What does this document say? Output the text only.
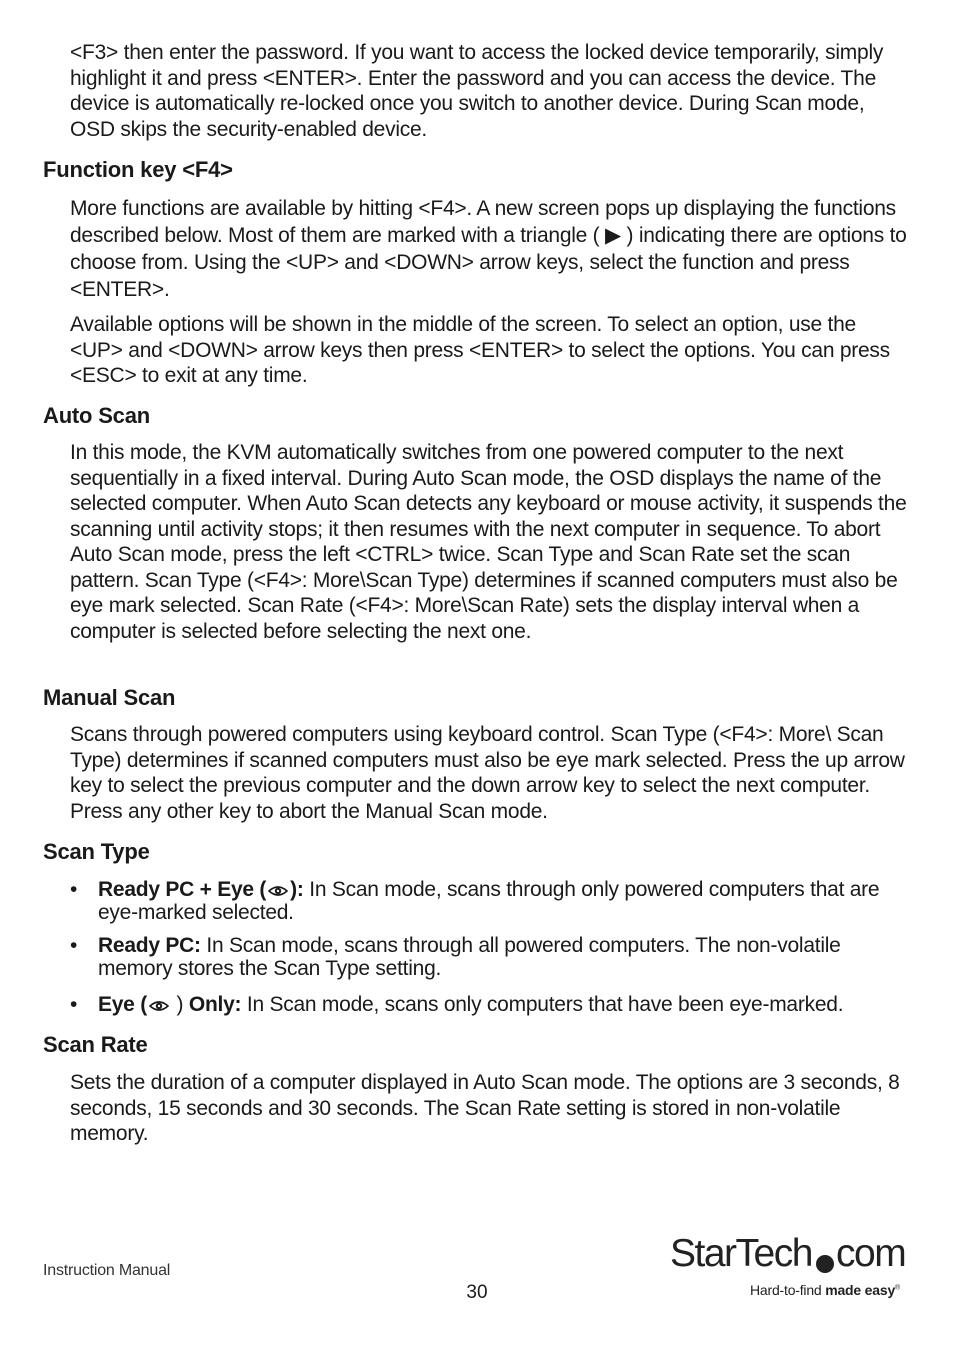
<F3> then enter the password. If you want to access the locked device temporarily, simply highlight it and press <ENTER>. Enter the password and you can access the device. The device is automatically re-locked once you switch to another device. During Scan mode, OSD skips the security-enabled device.

Function key <F4>

More functions are available by hitting <F4>. A new screen pops up displaying the functions described below. Most of them are marked with a triangle ( ▶ ) indicating there are options to choose from. Using the <UP> and <DOWN> arrow keys, select the function and press <ENTER>.

Available options will be shown in the middle of the screen. To select an option, use the <UP> and <DOWN> arrow keys then press <ENTER> to select the options. You can press <ESC> to exit at any time.

Auto Scan

In this mode, the KVM automatically switches from one powered computer to the next sequentially in a fixed interval. During Auto Scan mode, the OSD displays the name of the selected computer. When Auto Scan detects any keyboard or mouse activity, it suspends the scanning until activity stops; it then resumes with the next computer in sequence. To abort Auto Scan mode, press the left <CTRL> twice. Scan Type and Scan Rate set the scan pattern. Scan Type (<F4>: More\Scan Type) determines if scanned computers must also be eye mark selected. Scan Rate (<F4>: More\Scan Rate) sets the display interval when a computer is selected before selecting the next one.

Manual Scan

Scans through powered computers using keyboard control. Scan Type (<F4>: More\ Scan Type) determines if scanned computers must also be eye mark selected. Press the up arrow key to select the previous computer and the down arrow key to select the next computer. Press any other key to abort the Manual Scan mode.

Scan Type
• Ready PC + Eye ( ): In Scan mode, scans through only powered computers that are eye-marked selected.
• Ready PC: In Scan mode, scans through all powered computers. The non-volatile memory stores the Scan Type setting.
• Eye ( ) Only: In Scan mode, scans only computers that have been eye-marked.
Scan Rate

Sets the duration of a computer displayed in Auto Scan mode. The options are 3 seconds, 8 seconds, 15 seconds and 30 seconds. The Scan Rate setting is stored in non-volatile memory.

Instruction Manual
30
StarTech com
Hard-to-find made easy®
